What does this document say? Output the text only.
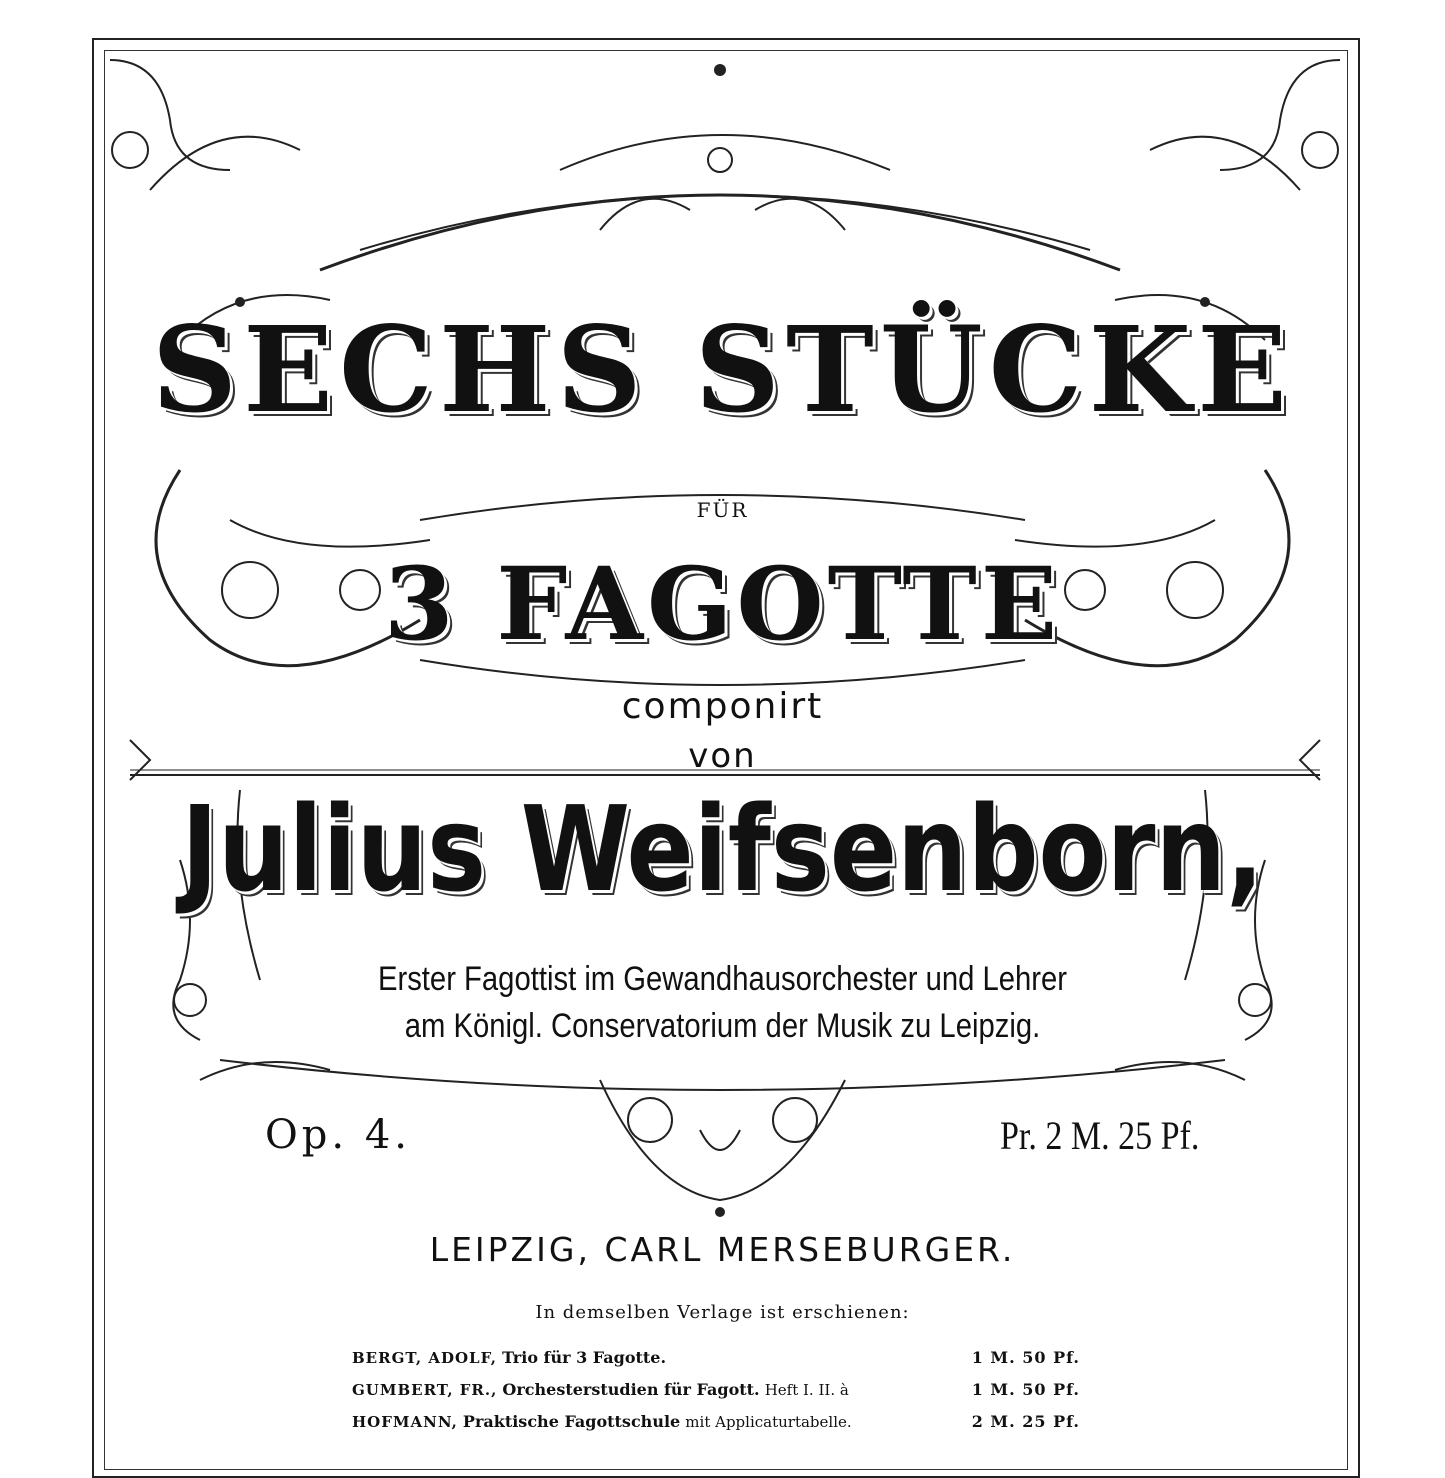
SECHS STÜCKE
FÜR
3 FAGOTTE
componirt
von
Julius Weifsenborn,
Erster Fagottist im Gewandhausorchester und Lehrer
am Königl. Conservatorium der Musik zu Leipzig.
Op. 4.	Pr. 2 M. 25 Pf.
LEIPZIG, CARL MERSEBURGER.
In demselben Verlage ist erschienen:
BERGT, ADOLF, Trio für 3 Fagotte.	1 M. 50 Pf.
GUMBERT, FR., Orchesterstudien für Fagott. Heft I. II. à	1 M. 50 Pf.
HOFMANN, Praktische Fagottschule mit Applicaturtabelle.	2 M. 25 Pf.
